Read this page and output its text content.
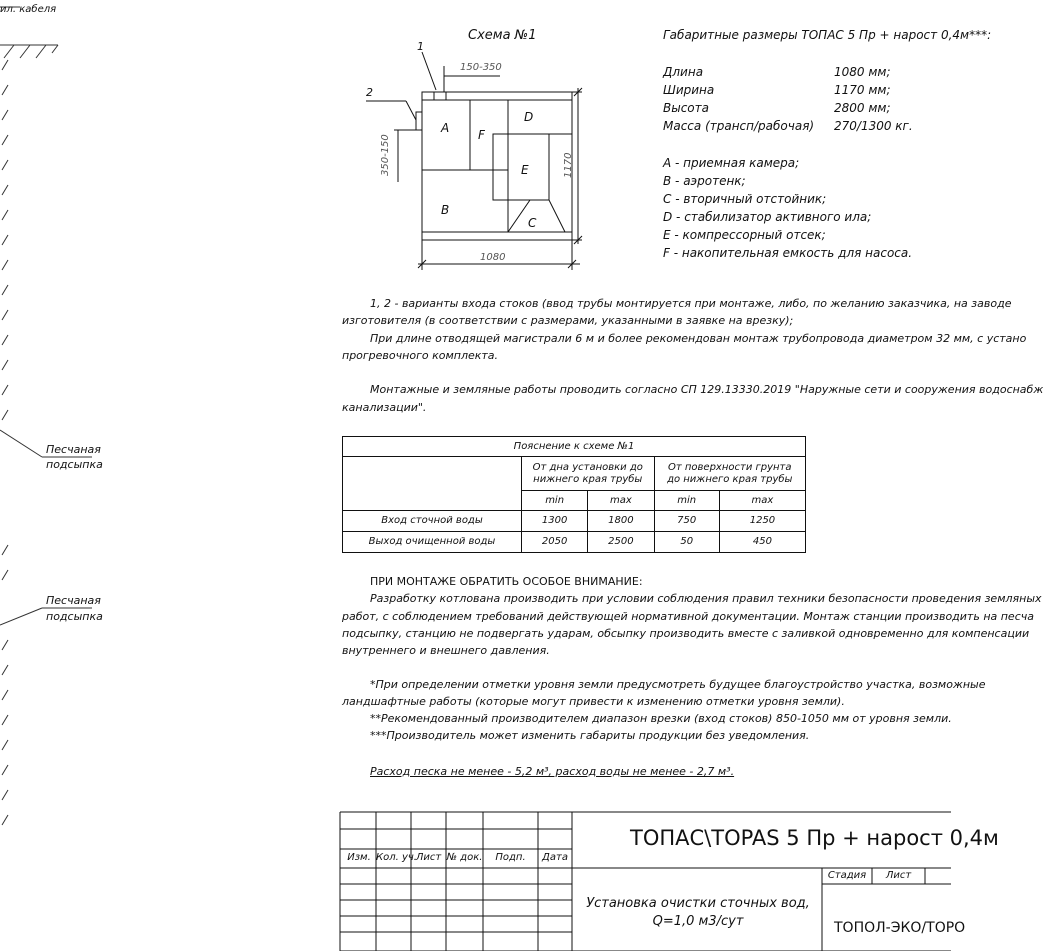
ил. кабеля
Песчаная
подсыпка
Песчаная
подсыпка
Схема №1
1
2
150-350
350-150	1170
1080
A
B
C
D
E
F
Габаритные размеры ТОПАС 5 Пр + нарост 0,4м***:
Длина	1080 мм;
Ширина	1170 мм;
Высота	2800 мм;
Масса (трансп/рабочая) 270/1300 кг.
А - приемная камера;
В - аэротенк;
С - вторичный отстойник;
D - стабилизатор активного ила;
Е - компрессорный отсек;
F - накопительная емкость для насоса.
1, 2 - варианты входа стоков (ввод трубы монтируется при монтаже, либо, по желанию заказчика, на заводе
изготовителя (в соответствии с размерами, указанными в заявке на врезку);
При длине отводящей магистрали 6 м и более рекомендован монтаж трубопровода диаметром 32 мм, с устано
прогревочного комплекта.
Монтажные и земляные работы проводить согласно СП 129.13330.2019 "Наружные сети и сооружения водоснабж
канализации".
Пояснение к схеме №1				
	От дна установки до нижнего края трубы		От поверхности грунта до нижнего края трубы	
	min	max	min	max
Вход сточной воды	1300	1800	750	1250
Выход очищенной воды	2050	2500	50	450
ПРИ МОНТАЖЕ ОБРАТИТЬ ОСОБОЕ ВНИМАНИЕ:
Разработку котлована производить при условии соблюдения правил техники безопасности проведения земляных
работ, с соблюдением требований действующей нормативной документации. Монтаж станции производить на песча
подсыпку, станцию не подвергать ударам, обсыпку производить вместе с заливкой одновременно для компенсации
внутреннего и внешнего давления.
*При определении отметки уровня земли предусмотреть будущее благоустройство участка, возможные
ландшафтные работы (которые могут привести к изменению отметки уровня земли).
**Рекомендованный производителем диапазон врезки (вход стоков) 850-1050 мм от уровня земли.
***Производитель может изменить габариты продукции без уведомления.
Расход песка не менее - 5,2 м³, расход воды не менее - 2,7 м³.
Изм. Кол. уч.
Лист № док.	Подп.	Дата
ТОПАС\TOPAS 5 Пр + нарост 0,4м
Установка очистки сточных вод,
Q=1,0 м3/сут
Стадия	Лист
ТОПОЛ-ЭКО/ТОРО
